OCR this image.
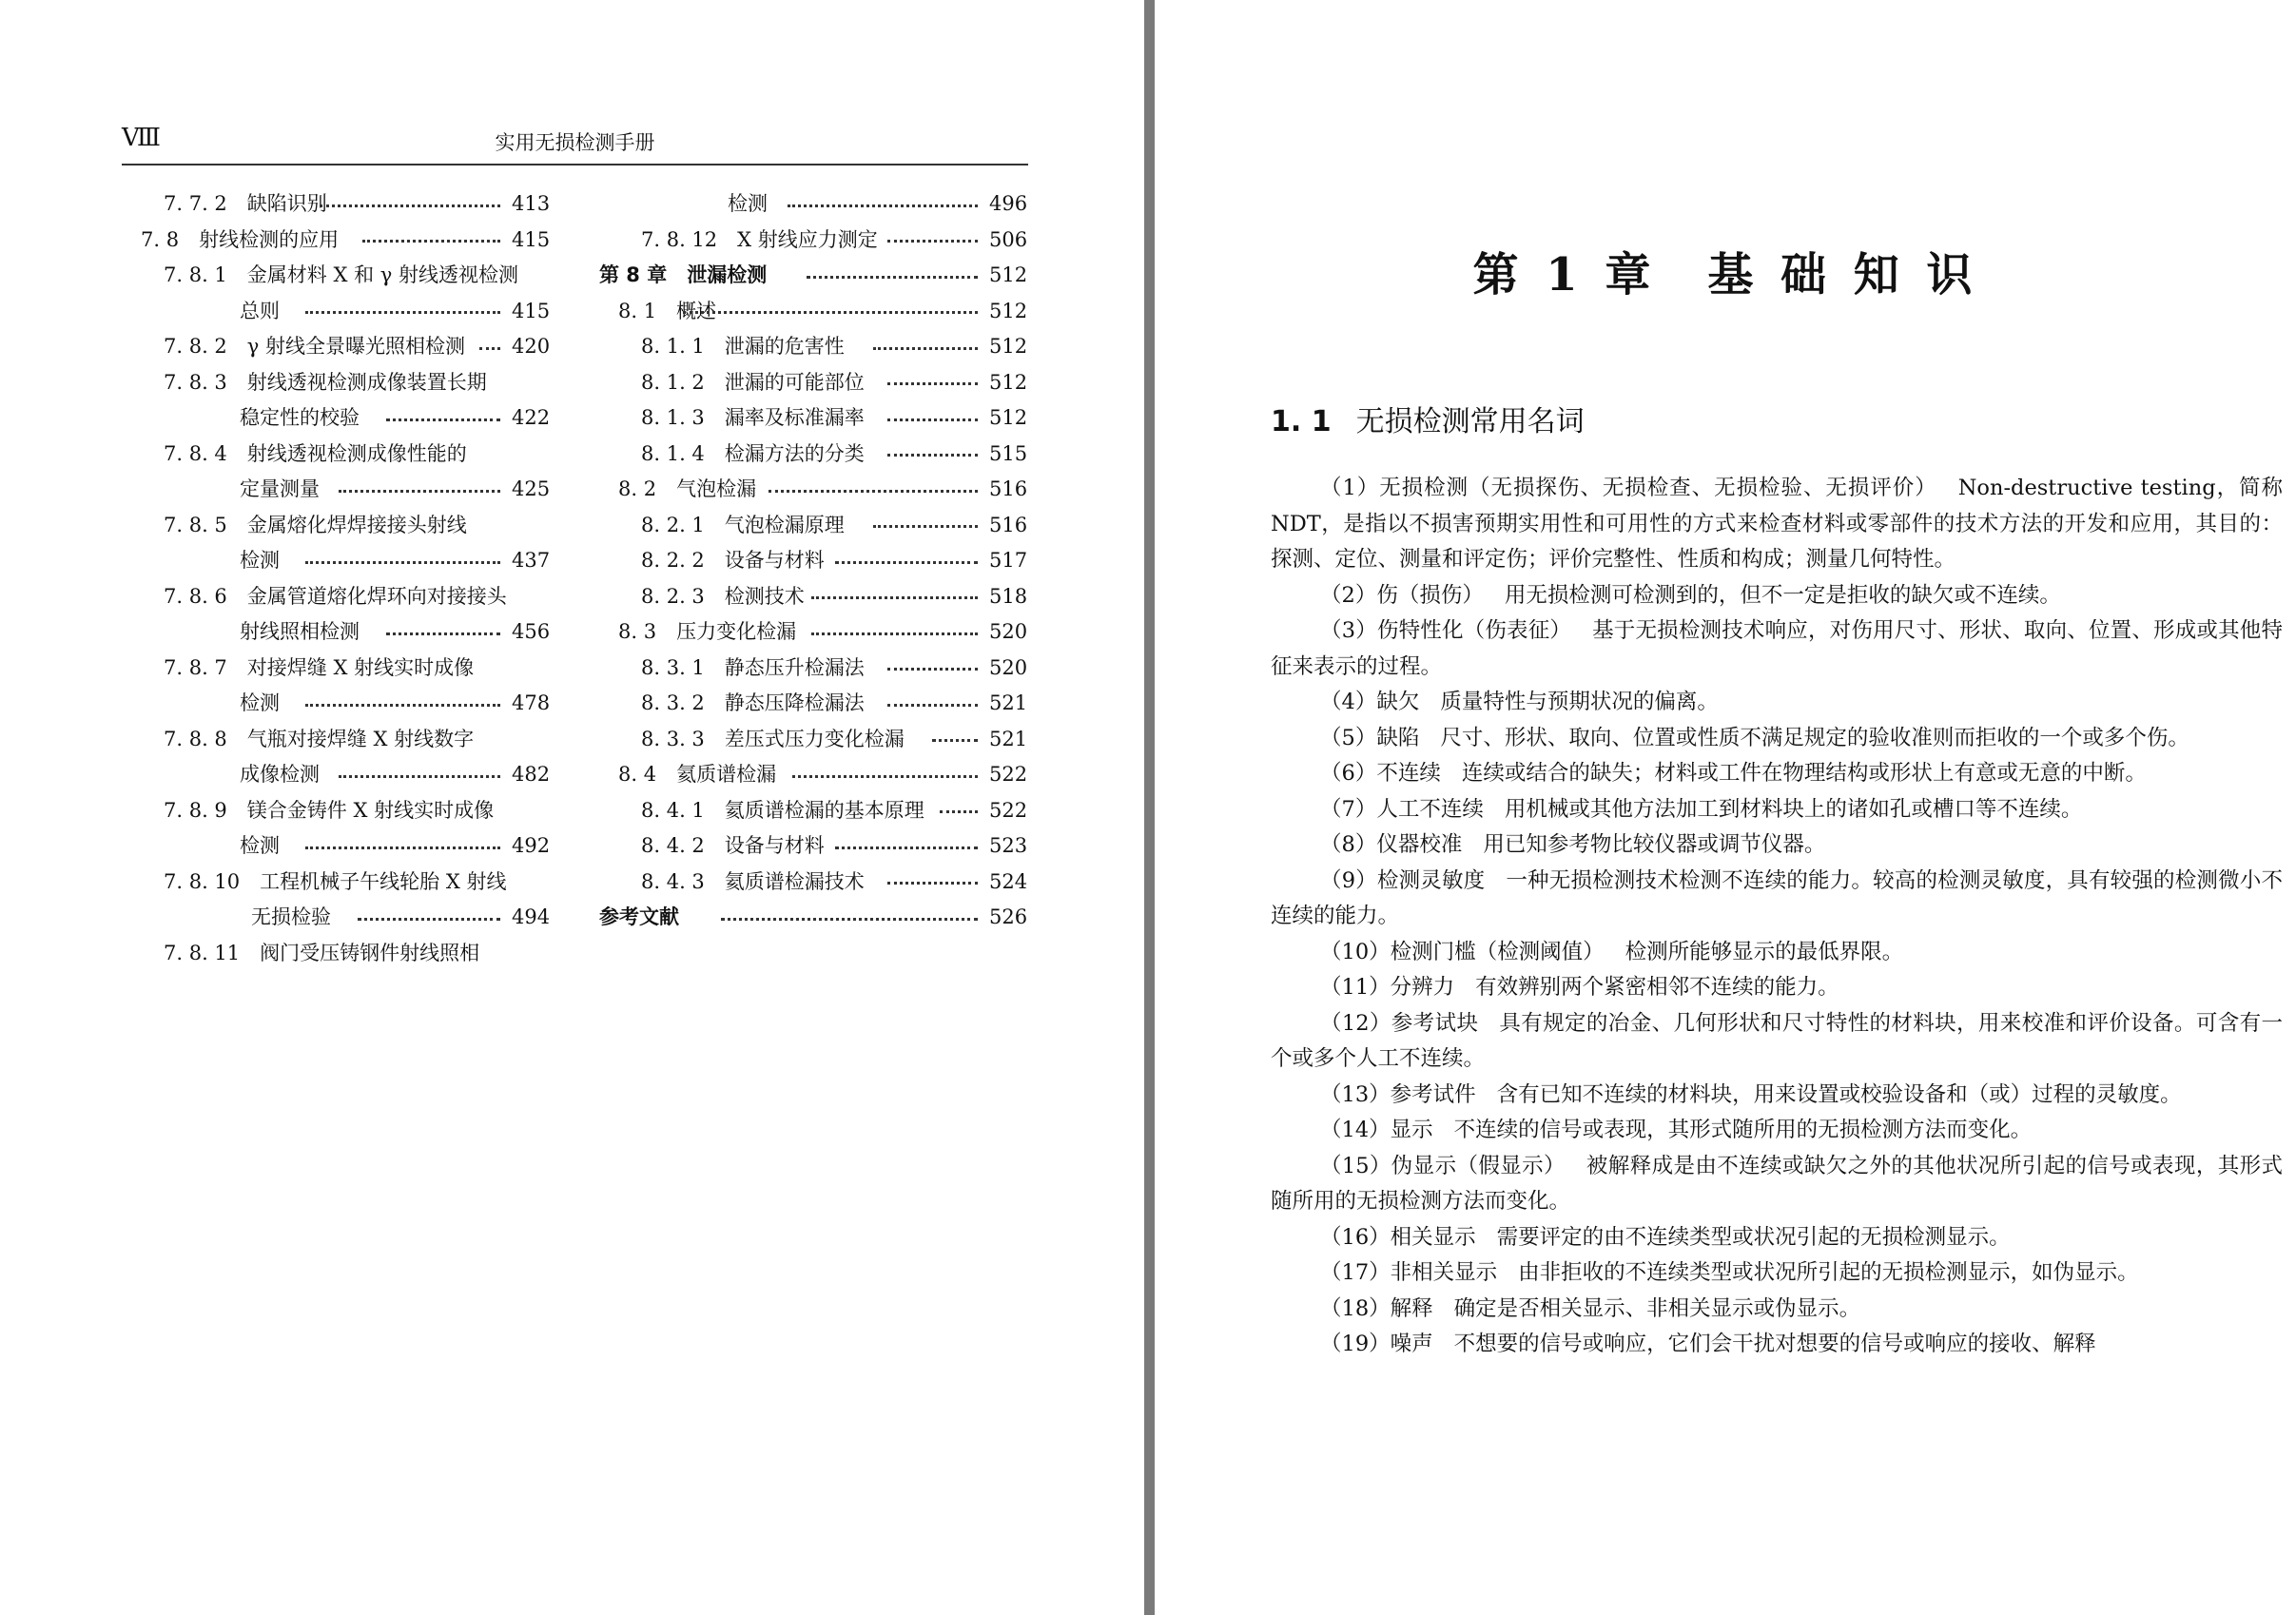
Ⅷ	实用无损检测手册
7. 7. 2　缺陷识别	413
7. 8　射线检测的应用	415
7. 8. 1　金属材料 X 和 γ 射线透视检测
总则	415
7. 8. 2　γ 射线全景曝光照相检测 420
7. 8. 3　射线透视检测成像装置长期
稳定性的校验	422
7. 8. 4　射线透视检测成像性能的
定量测量	425
7. 8. 5　金属熔化焊焊接接头射线
检测	437
7. 8. 6　金属管道熔化焊环向对接接头
射线照相检测	456
7. 8. 7　对接焊缝 X 射线实时成像
检测	478
7. 8. 8　气瓶对接焊缝 X 射线数字
成像检测	482
7. 8. 9　镁合金铸件 X 射线实时成像
检测	492
7. 8. 10　工程机械子午线轮胎 X 射线
无损检验	494
7. 8. 11　阀门受压铸钢件射线照相
检测	496
7. 8. 12　X 射线应力测定	506
第 8 章　泄漏检测	512
8. 1　概述	512
8. 1. 1　泄漏的危害性	512
8. 1. 2　泄漏的可能部位	512
8. 1. 3　漏率及标准漏率	512
8. 1. 4　检漏方法的分类	515
8. 2　气泡检漏	516
8. 2. 1　气泡检漏原理	516
8. 2. 2　设备与材料	517
8. 2. 3　检测技术	518
8. 3　压力变化检漏	520
8. 3. 1　静态压升检漏法	520
8. 3. 2　静态压降检漏法	521
8. 3. 3　差压式压力变化检漏	521
8. 4　氦质谱检漏	522
8. 4. 1　氦质谱检漏的基本原理	522
8. 4. 2　设备与材料	523
8. 4. 3　氦质谱检漏技术	524
参考文献	526
第 1 章　基 础 知 识
1. 1 无损检测常用名词

（1）无损检测（无损探伤、无损检查、无损检验、无损评价） Non-destructive testing，简称 NDT，是指以不损害预期实用性和可用性的方式来检查材料或零部件的技术方法的开发和应用，其目的：探测、定位、测量和评定伤；评价完整性、性质和构成；测量几何特性。

（2）伤（损伤） 用无损检测可检测到的，但不一定是拒收的缺欠或不连续。

（3）伤特性化（伤表征） 基于无损检测技术响应，对伤用尺寸、形状、取向、位置、形成或其他特征来表示的过程。

（4）缺欠 质量特性与预期状况的偏离。

（5）缺陷 尺寸、形状、取向、位置或性质不满足规定的验收准则而拒收的一个或多个伤。

（6）不连续 连续或结合的缺失；材料或工件在物理结构或形状上有意或无意的中断。

（7）人工不连续 用机械或其他方法加工到材料块上的诸如孔或槽口等不连续。

（8）仪器校准 用已知参考物比较仪器或调节仪器。

（9）检测灵敏度 一种无损检测技术检测不连续的能力。较高的检测灵敏度，具有较强的检测微小不连续的能力。

（10）检测门槛（检测阈值） 检测所能够显示的最低界限。

（11）分辨力 有效辨别两个紧密相邻不连续的能力。

（12）参考试块 具有规定的冶金、几何形状和尺寸特性的材料块，用来校准和评价设备。可含有一个或多个人工不连续。

（13）参考试件 含有已知不连续的材料块，用来设置或校验设备和（或）过程的灵敏度。

（14）显示 不连续的信号或表现，其形式随所用的无损检测方法而变化。

（15）伪显示（假显示） 被解释成是由不连续或缺欠之外的其他状况所引起的信号或表现，其形式随所用的无损检测方法而变化。

（16）相关显示 需要评定的由不连续类型或状况引起的无损检测显示。

（17）非相关显示 由非拒收的不连续类型或状况所引起的无损检测显示，如伪显示。

（18）解释 确定是否相关显示、非相关显示或伪显示。

（19）噪声 不想要的信号或响应，它们会干扰对想要的信号或响应的接收、解释
